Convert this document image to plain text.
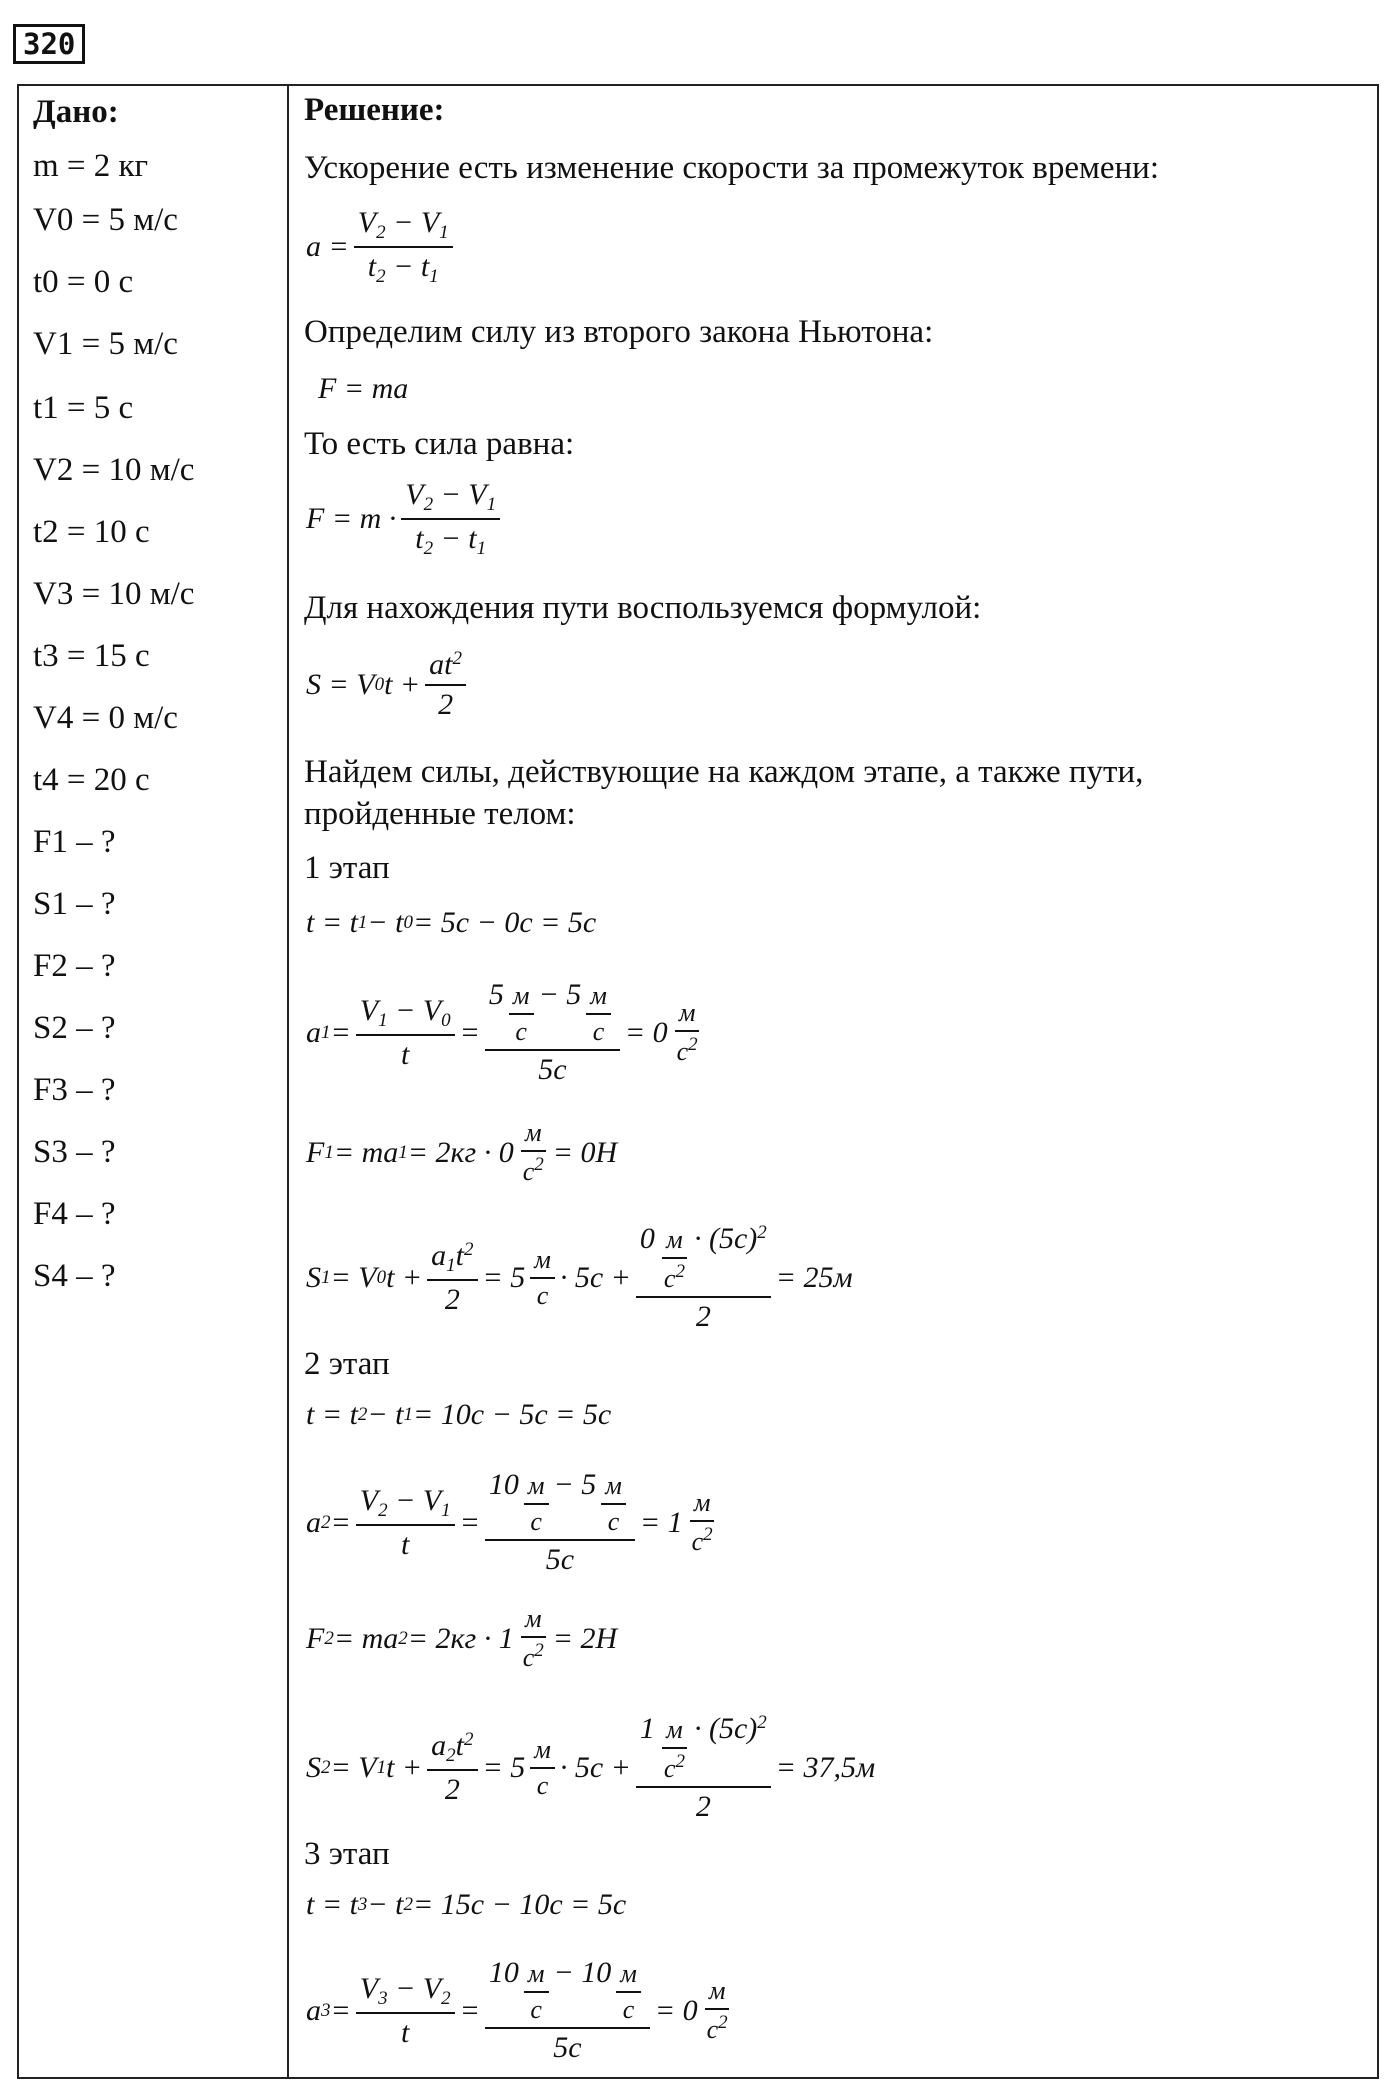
320
Дано:
m = 2 кг
V0 = 5 м/с
t0 = 0 с
V1 = 5 м/с
t1 = 5 с
V2 = 10 м/с
t2 = 10 с
V3 = 10 м/с
t3 = 15 с
V4 = 0 м/с
t4 = 20 с
F1 – ?
S1 – ?
F2 – ?
S2 – ?
F3 – ?
S3 – ?
F4 – ?
S4 – ?
Решение:
Ускорение есть изменение скорости за промежуток времени:
$a = \frac{V_2 - V_1}{t_2 - t_1}$
Определим силу из второго закона Ньютона:
F = ma
То есть сила равна:
$F = m \cdot \frac{V_2 - V_1}{t_2 - t_1}$
Для нахождения пути воспользуемся формулой:
S = V 0 $t + \frac{at^2}{2}$
Найдем силы, действующие на каждом этапе, а также пути,
пройденные телом:
1 этап
t = t 1 − t 0 = 5c − 0c = 5c
a $1 = \frac{V_1 - V_0}{t} = \frac{5 \frac{м}{с} - 5 \frac{м}{с}}{5c} = 0 \frac{м}{с^2}$
F 1 = ma $1 = 2кг \cdot 0 \frac{м}{с^2} = 0H$
S 1 = V 0 $t + \frac{a_1t^2}{2} = 5 \frac{м}{с} \cdot 5c + \frac{0 \frac{м}{с^2} \cdot (5c)^2}{2} = 25м$
2 этап
t = t 2 − t 1 = 10c − 5c = 5c
a $2 = \frac{V_2 - V_1}{t} = \frac{10 \frac{м}{с} - 5 \frac{м}{с}}{5c} = 1 \frac{м}{с^2}$
F 2 = ma $2 = 2кг \cdot 1 \frac{м}{с^2} = 2H$
S 2 = V 1 $t + \frac{a_2t^2}{2} = 5 \frac{м}{с} \cdot 5c + \frac{1 \frac{м}{с^2} \cdot (5c)^2}{2} = 37,5м$
3 этап
t = t 3 − t 2 = 15c − 10c = 5c
a $3 = \frac{V_3 - V_2}{t} = \frac{10 \frac{м}{с} - 10 \frac{м}{с}}{5c} = 0 \frac{м}{с^2}$
